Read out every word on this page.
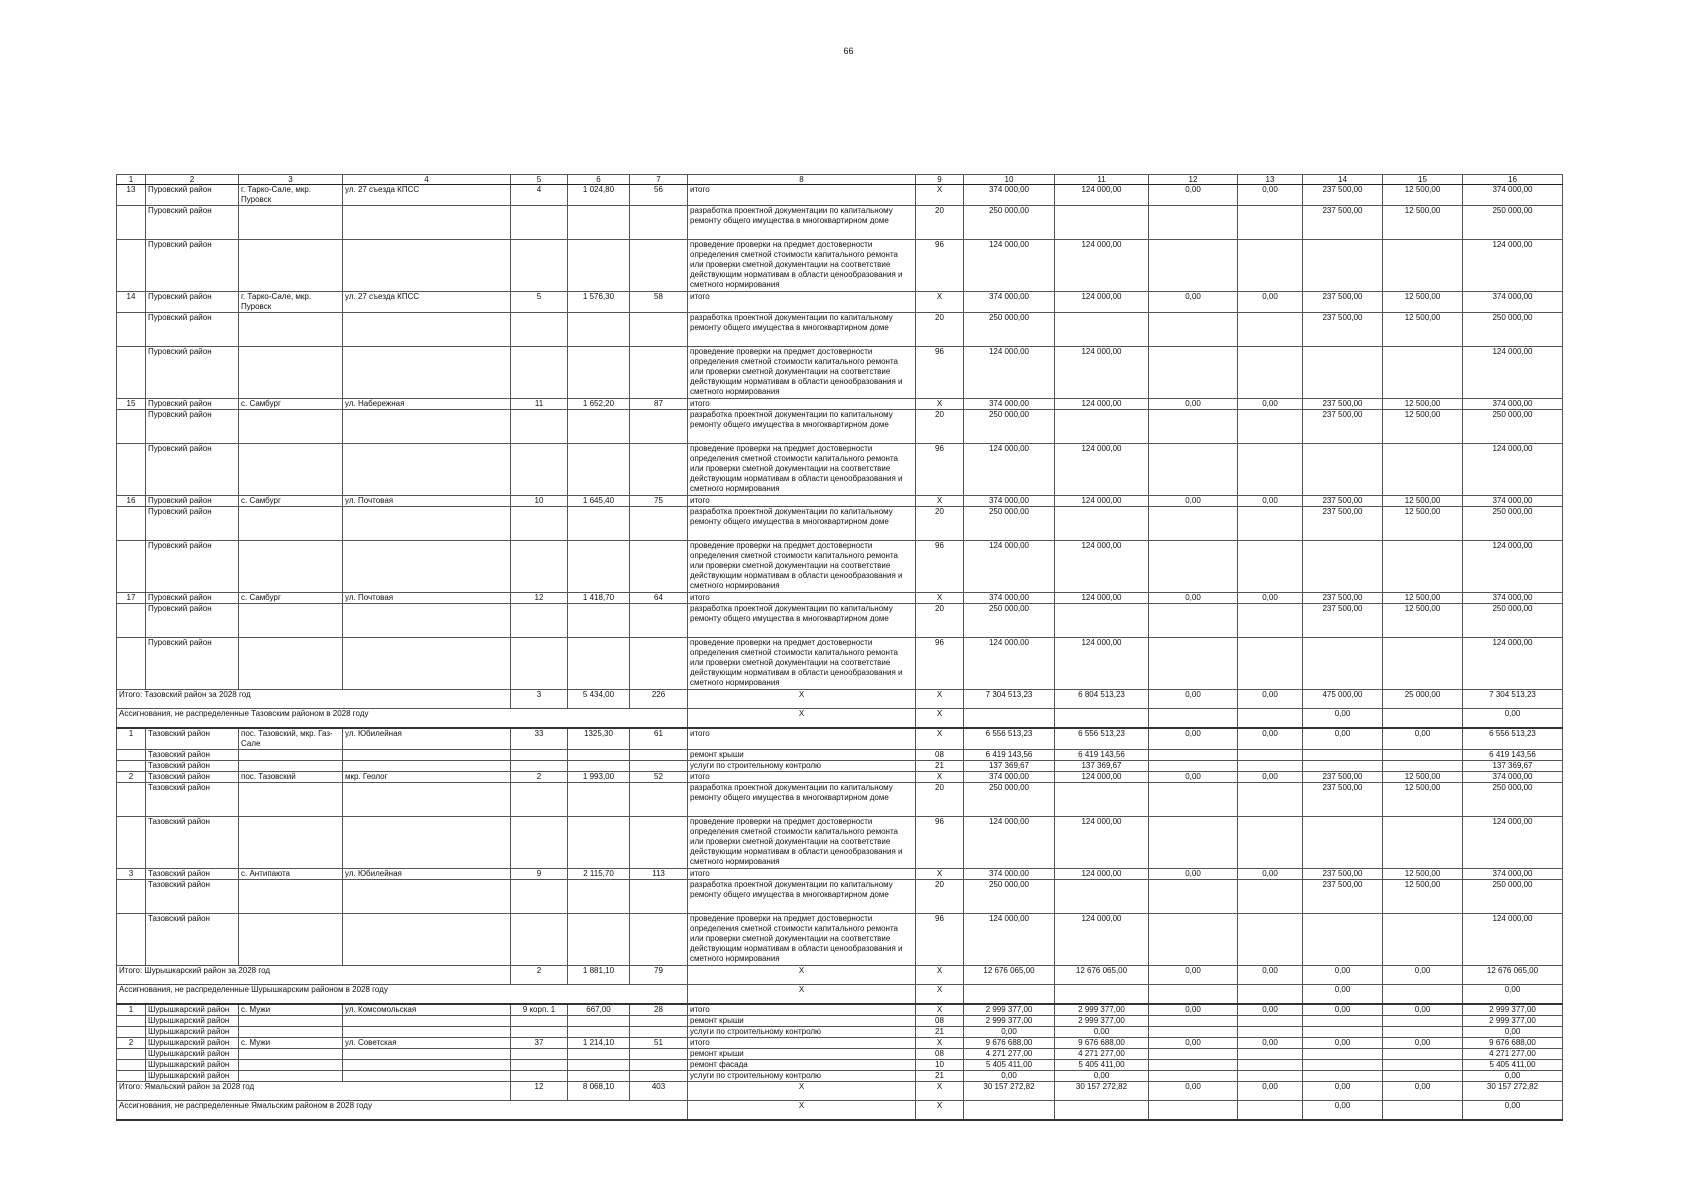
66
1	2	3	4	5	6	7	8	9	10	11	12	13	14	15	16
13	Пуровский район	г. Тарко-Сале, мкр. Пуровск	ул. 27 съезда КПСС	4	1 024,80	56	итого	X	374 000,00	124 000,00	0,00	0,00	237 500,00	12 500,00	374 000,00
	Пуровский район						разработка проектной документации по капитальному ремонту общего имущества в многоквартирном доме	20	250 000,00				237 500,00	12 500,00	250 000,00
	Пуровский район						проведение проверки на предмет достоверности определения сметной стоимости капитального ремонта или проверки сметной документации на соответствие действующим нормативам в области ценообразования и сметного нормирования	96	124 000,00	124 000,00					124 000,00
14	Пуровский район	г. Тарко-Сале, мкр. Пуровск	ул. 27 съезда КПСС	5	1 576,30	58	итого	X	374 000,00	124 000,00	0,00	0,00	237 500,00	12 500,00	374 000,00
	Пуровский район						разработка проектной документации по капитальному ремонту общего имущества в многоквартирном доме	20	250 000,00				237 500,00	12 500,00	250 000,00
	Пуровский район						проведение проверки на предмет достоверности определения сметной стоимости капитального ремонта или проверки сметной документации на соответствие действующим нормативам в области ценообразования и сметного нормирования	96	124 000,00	124 000,00					124 000,00
15	Пуровский район	с. Самбург	ул. Набережная	11	1 652,20	87	итого	X	374 000,00	124 000,00	0,00	0,00	237 500,00	12 500,00	374 000,00
	Пуровский район						разработка проектной документации по капитальному ремонту общего имущества в многоквартирном доме	20	250 000,00				237 500,00	12 500,00	250 000,00
	Пуровский район						проведение проверки на предмет достоверности определения сметной стоимости капитального ремонта или проверки сметной документации на соответствие действующим нормативам в области ценообразования и сметного нормирования	96	124 000,00	124 000,00					124 000,00
16	Пуровский район	с. Самбург	ул. Почтовая	10	1 645,40	75	итого	X	374 000,00	124 000,00	0,00	0,00	237 500,00	12 500,00	374 000,00
	Пуровский район						разработка проектной документации по капитальному ремонту общего имущества в многоквартирном доме	20	250 000,00				237 500,00	12 500,00	250 000,00
	Пуровский район						проведение проверки на предмет достоверности определения сметной стоимости капитального ремонта или проверки сметной документации на соответствие действующим нормативам в области ценообразования и сметного нормирования	96	124 000,00	124 000,00					124 000,00
17	Пуровский район	с. Самбург	ул. Почтовая	12	1 418,70	64	итого	X	374 000,00	124 000,00	0,00	0,00	237 500,00	12 500,00	374 000,00
	Пуровский район						разработка проектной документации по капитальному ремонту общего имущества в многоквартирном доме	20	250 000,00				237 500,00	12 500,00	250 000,00
	Пуровский район						проведение проверки на предмет достоверности определения сметной стоимости капитального ремонта или проверки сметной документации на соответствие действующим нормативам в области ценообразования и сметного нормирования	96	124 000,00	124 000,00					124 000,00
Итого: Тазовский район за 2028 год				3	5 434,00	226	X	X	7 304 513,23	6 804 513,23	0,00	0,00	475 000,00	25 000,00	7 304 513,23
Ассигнования, не распределенные Тазовским районом в 2028 году							X	X					0,00		0,00
1	Тазовский район	пос. Тазовский, мкр. Газ-Сале	ул. Юбилейная	33	1325,30	61	итого	X	6 556 513,23	6 556 513,23	0,00	0,00	0,00	0,00	6 556 513,23
	Тазовский район						ремонт крыши	08	6 419 143,56	6 419 143,56					6 419 143,56
	Тазовский район						услуги по строительному контролю	21	137 369,67	137 369,67					137 369,67
2	Тазовский район	пос. Тазовский	мкр. Геолог	2	1 993,00	52	итого	X	374 000,00	124 000,00	0,00	0,00	237 500,00	12 500,00	374 000,00
	Тазовский район						разработка проектной документации по капитальному ремонту общего имущества в многоквартирном доме	20	250 000,00				237 500,00	12 500,00	250 000,00
	Тазовский район						проведение проверки на предмет достоверности определения сметной стоимости капитального ремонта или проверки сметной документации на соответствие действующим нормативам в области ценообразования и сметного нормирования	96	124 000,00	124 000,00					124 000,00
3	Тазовский район	с. Антипаюта	ул. Юбилейная	9	2 115,70	113	итого	X	374 000,00	124 000,00	0,00	0,00	237 500,00	12 500,00	374 000,00
	Тазовский район						разработка проектной документации по капитальному ремонту общего имущества в многоквартирном доме	20	250 000,00				237 500,00	12 500,00	250 000,00
	Тазовский район						проведение проверки на предмет достоверности определения сметной стоимости капитального ремонта или проверки сметной документации на соответствие действующим нормативам в области ценообразования и сметного нормирования	96	124 000,00	124 000,00					124 000,00
Итого: Шурышкарский район за 2028 год				2	1 881,10	79	X	X	12 676 065,00	12 676 065,00	0,00	0,00	0,00	0,00	12 676 065,00
Ассигнования, не распределенные Шурышкарским районом в 2028 году							X	X					0,00		0,00
1	Шурышкарский район	с. Мужи	ул. Комсомольская	9 корп. 1	667,00	28	итого	X	2 999 377,00	2 999 377,00	0,00	0,00	0,00	0,00	2 999 377,00
	Шурышкарский район						ремонт крыши	08	2 999 377,00	2 999 377,00					2 999 377,00
	Шурышкарский район						услуги по строительному контролю	21	0,00	0,00					0,00
2	Шурышкарский район	с. Мужи	ул. Советская	37	1 214,10	51	итого	X	9 676 688,00	9 676 688,00	0,00	0,00	0,00	0,00	9 676 688,00
	Шурышкарский район						ремонт крыши	08	4 271 277,00	4 271 277,00					4 271 277,00
	Шурышкарский район						ремонт фасада	10	5 405 411,00	5 405 411,00					5 405 411,00
	Шурышкарский район						услуги по строительному контролю	21	0,00	0,00					0,00
Итого: Ямальский район за 2028 год				12	8 068,10	403	X	X	30 157 272,82	30 157 272,82	0,00	0,00	0,00	0,00	30 157 272,82
Ассигнования, не распределенные Ямальским районом в 2028 году							X	X					0,00		0,00
